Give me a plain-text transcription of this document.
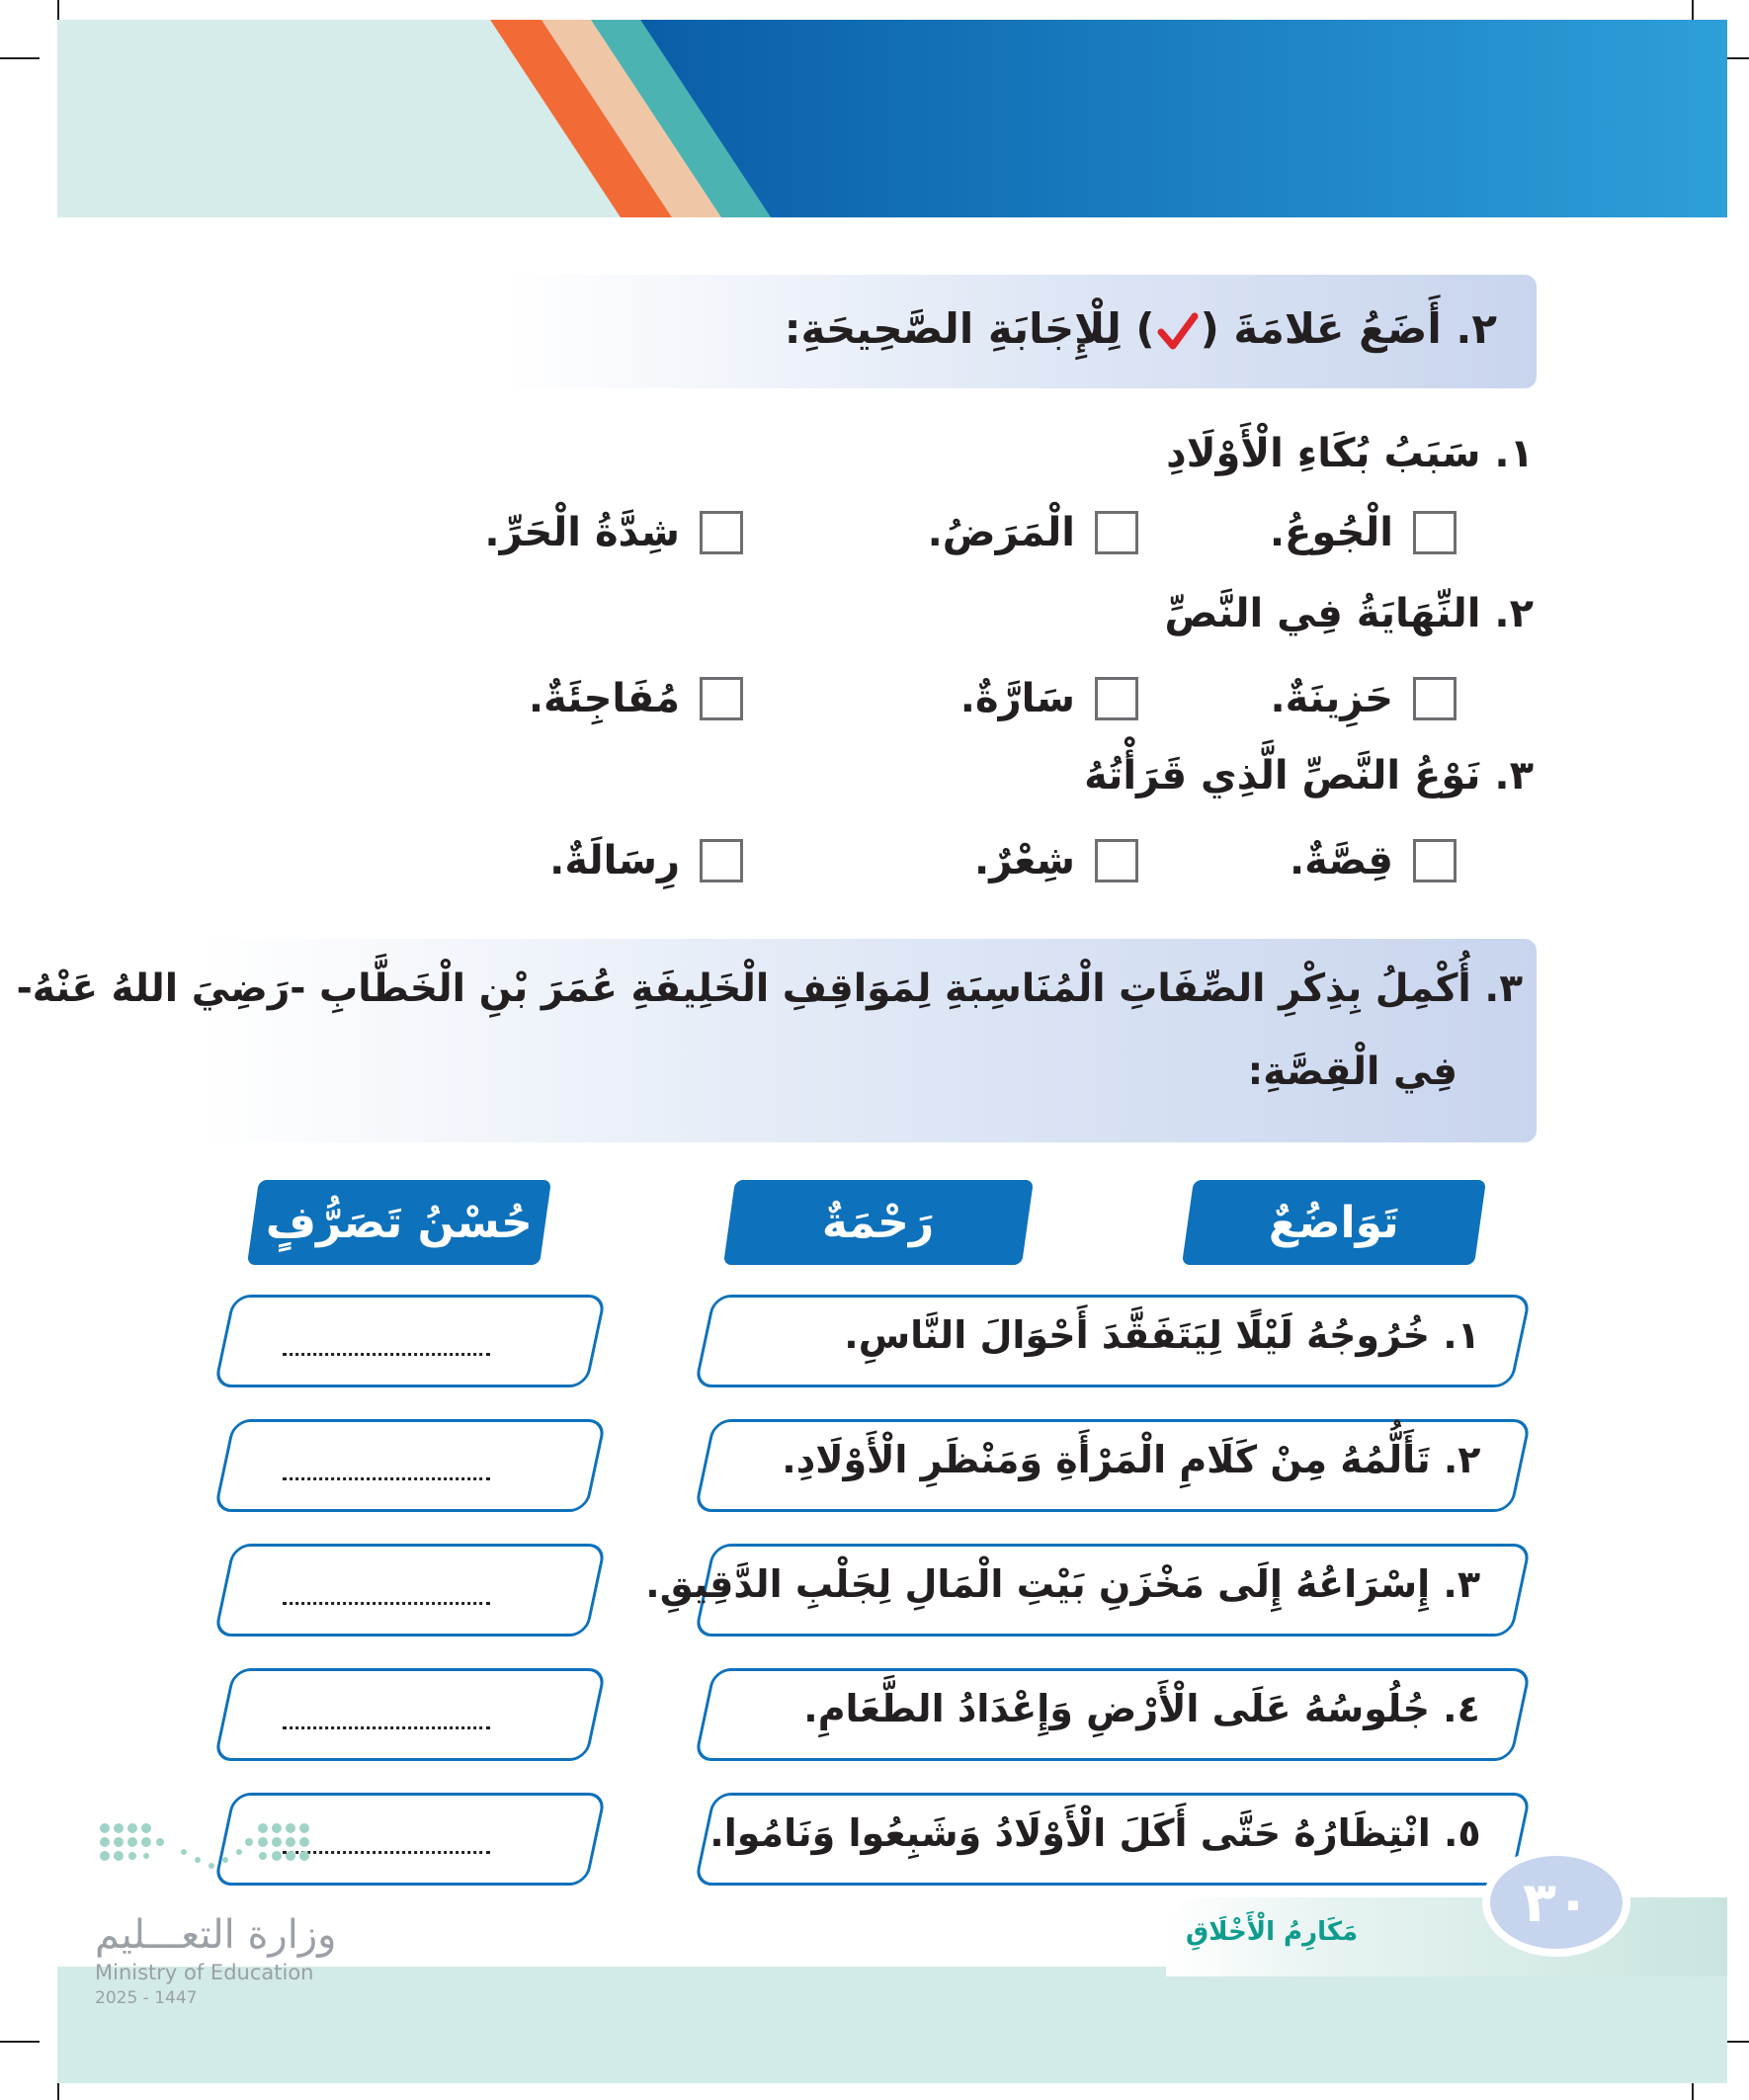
٢. أَضَعُ عَلامَةَ () لِلْإِجَابَةِ الصَّحِيحَةِ:
١. سَبَبُ بُكَاءِ الْأَوْلَادِ
الْجُوعُ.
الْمَرَضُ.
شِدَّةُ الْحَرِّ.
٢. النِّهَايَةُ فِي النَّصِّ
حَزِينَةٌ.
سَارَّةٌ.
مُفَاجِئَةٌ.
٣. نَوْعُ النَّصِّ الَّذِي قَرَأْتُهُ
قِصَّةٌ.
شِعْرٌ.
رِسَالَةٌ.
٣. أُكْمِلُ بِذِكْرِ الصِّفَاتِ الْمُنَاسِبَةِ لِمَوَاقِفِ الْخَلِيفَةِ عُمَرَ بْنِ الْخَطَّابِ -رَضِيَ اللهُ عَنْهُ-
فِي الْقِصَّةِ:
تَوَاضُعٌ
رَحْمَةٌ
حُسْنُ تَصَرُّفٍ
١. خُرُوجُهُ لَيْلًا لِيَتَفَقَّدَ أَحْوَالَ النَّاسِ.
٢. تَأَلُّمُهُ مِنْ كَلَامِ الْمَرْأَةِ وَمَنْظَرِ الْأَوْلَادِ.
٣. إِسْرَاعُهُ إِلَى مَخْزَنِ بَيْتِ الْمَالِ لِجَلْبِ الدَّقِيقِ.
٤. جُلُوسُهُ عَلَى الْأَرْضِ وَإِعْدَادُ الطَّعَامِ.
٥. انْتِظَارُهُ حَتَّى أَكَلَ الْأَوْلَادُ وَشَبِعُوا وَنَامُوا.
مَكَارِمُ الْأَخْلَاقِ	٣٠
وزارة التعـــليم
Ministry of Education
2025 - 1447
